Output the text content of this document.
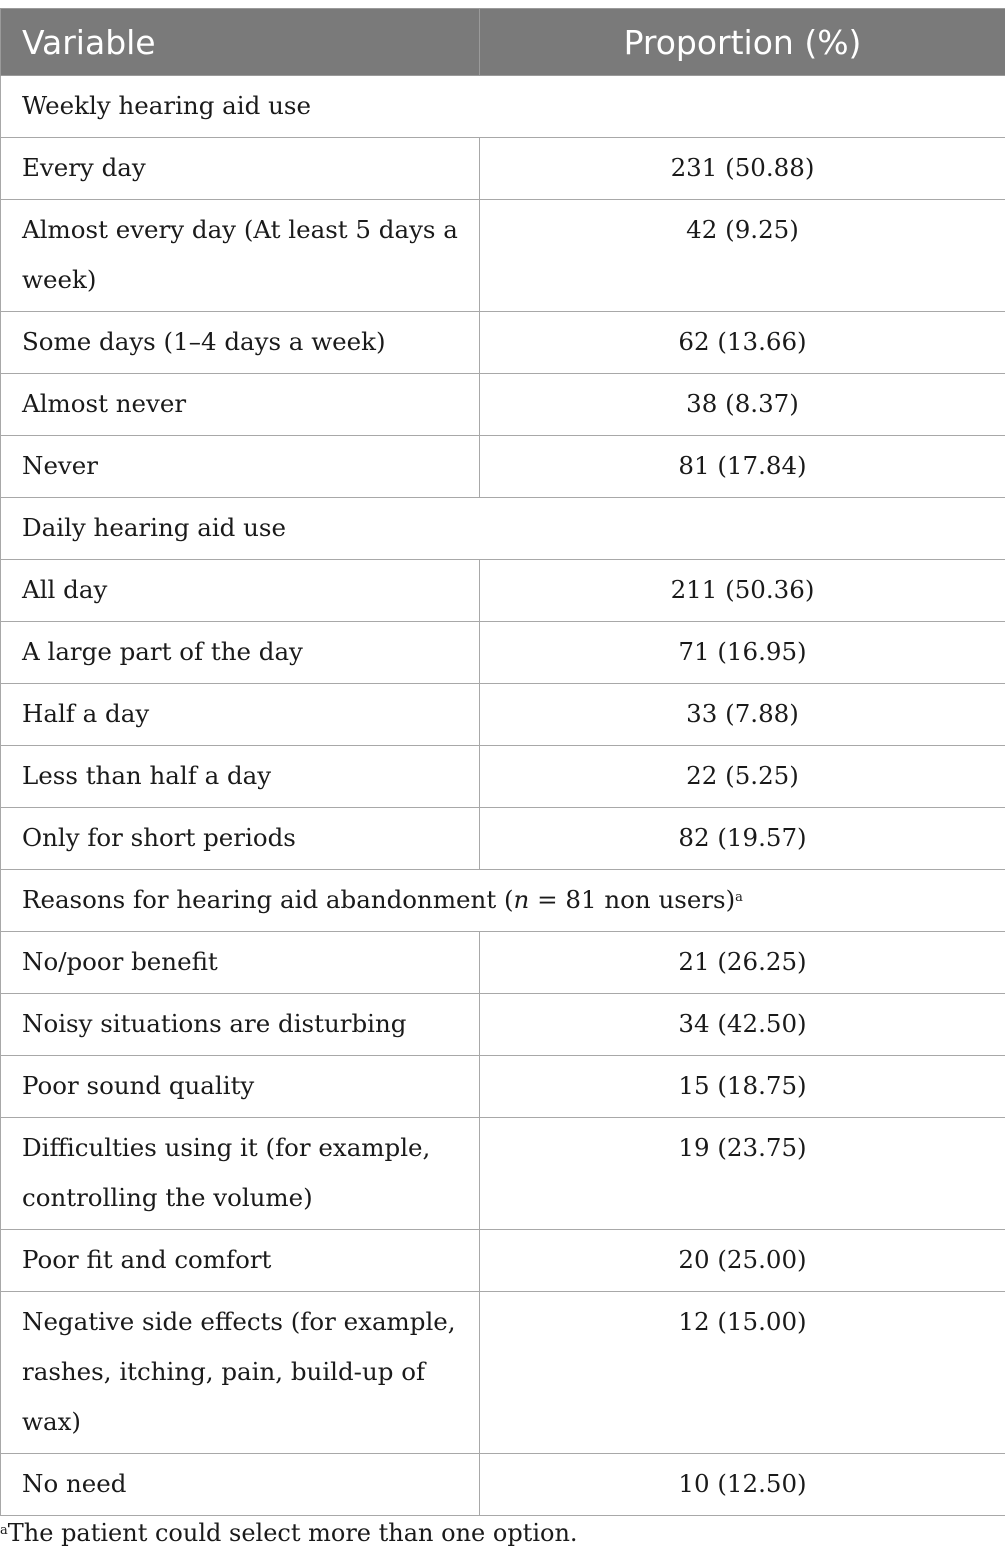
Variable	Proportion (%)
Weekly hearing aid use	
Every day	231 (50.88)
Almost every day (At least 5 days a week)	42 (9.25)
Some days (1–4 days a week)	62 (13.66)
Almost never	38 (8.37)
Never	81 (17.84)
Daily hearing aid use	
All day	211 (50.36)
A large part of the day	71 (16.95)
Half a day	33 (7.88)
Less than half a day	22 (5.25)
Only for short periods	82 (19.57)
Reasons for hearing aid abandonment (n = 81 non users)$^a$
No/poor benefit	21 (26.25)
Noisy situations are disturbing	34 (42.50)
Poor sound quality	15 (18.75)
Difficulties using it (for example, controlling the volume)	19 (23.75)
Poor fit and comfort	20 (25.00)
Negative side effects (for example, rashes, itching, pain, build-up of wax)	12 (15.00)
No need	10 (12.50)
$^a$The patient could select more than one option.
